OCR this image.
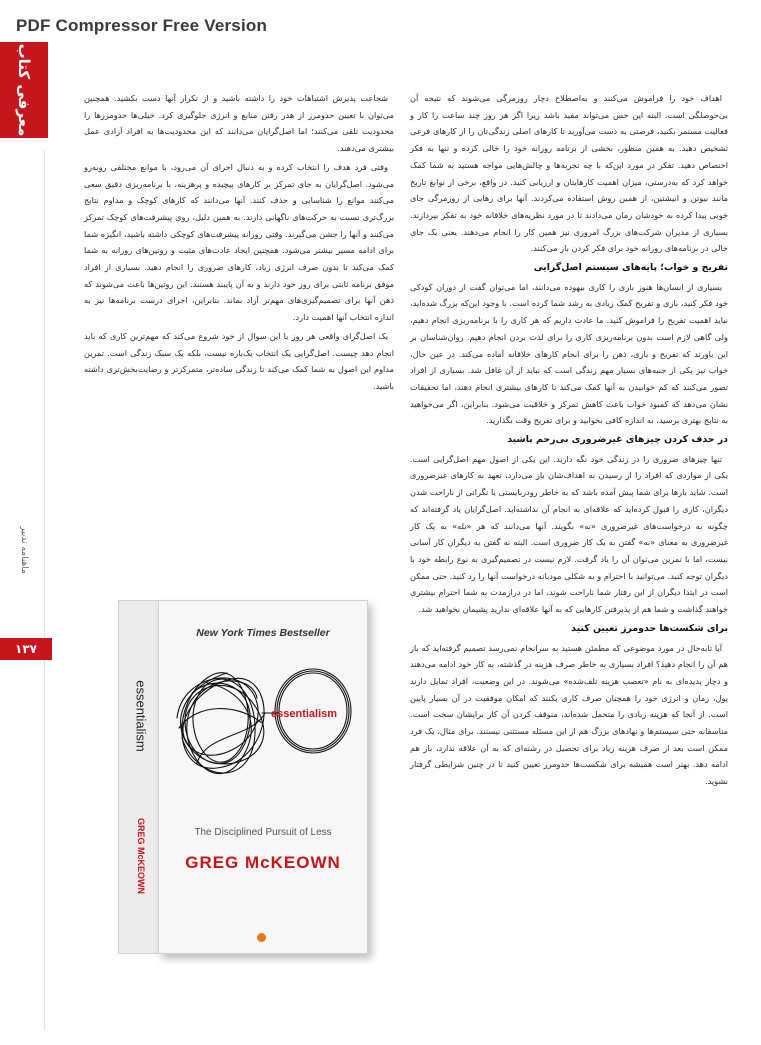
PDF Compressor Free Version
معرفی کتاب
ماهنامه تدبیر
۱۳۷

اهداف خود را فراموش می‌کنند و به‌اصطلاح دچار روزمرگی می‌شوند که نتیجه آن بی‌حوصلگی است. البته این حس می‌تواند مفید باشد زیرا اگر هر روز چند ساعت را کار و فعالیت مستمر بکنید، فرصتی به دست می‌آورید تا کارهای اصلی زندگی‌تان را از کارهای فرعی تشخیص دهید. به همین منظور، بخشی از برنامه روزانه خود را خالی کرده و تنها به فکر اختصاص دهید. تفکر در مورد این‌که با چه تجربه‌ها و چالش‌هایی مواجه هستید به شما کمک خواهد کرد که به‌درستی، میزان اهمیت کارهایتان و ارزیابی کنید. در واقع، برخی از نوابغ تاریخ مانند نیوتن و انیشتین، از همین روش استفاده می‌کردند. آنها برای رهایی از روزمرگی جای خوبی پیدا کرده به خودشان زمان می‌دادند تا در مورد نظریه‌های خلاقانه خود به تفکر بپردازند. بسیاری از مدیران شرکت‌های بزرگ امروزی نیز همین کار را انجام می‌دهند. یعنی یک جای خالی در برنامه‌های روزانه خود برای فکر کردن باز می‌کنند.

تفریح و خواب؛ پایه‌های سیستم اصل‌گرایی

بسیاری از انسان‌ها هنوز بازی را کاری بیهوده می‌دانند، اما می‌توان گفت از دوران کودکی خود فکر کنید، بازی و تفریح کمک زیادی به رشد شما کرده است. با وجود این‌که بزرگ شده‌اید، نباید اهمیت تفریح را فراموش کنید. ما عادت داریم که هر کاری را با برنامه‌ریزی انجام دهیم، ولی گاهی لازم است بدون برنامه‌ریزی کاری را برای لذت بردن انجام دهیم. روان‌شناسان بر این باورند که تفریح و بازی، ذهن را برای انجام کارهای خلاقانه آماده می‌کند. در عین حال، خواب نیز یکی از جنبه‌های بسیار مهم زندگی است که نباید از آن غافل شد. بسیاری از افراد تصور می‌کنند که کم خوابیدن به آنها کمک می‌کند تا کارهای بیشتری انجام دهند، اما تحقیقات نشان می‌دهد که کمبود خواب باعث کاهش تمرکز و خلاقیت می‌شود. بنابراین، اگر می‌خواهید به نتایج بهتری برسید، به اندازه کافی بخوابید و برای تفریح وقت بگذارید.

در حذف کردن چیزهای غیرضروری بی‌رحم باشید

تنها چیزهای ضروری را در زندگی خود نگه دارید. این یکی از اصول مهم اصل‌گرایی است. یکی از مواردی که افراد را از رسیدن به اهداف‌شان باز می‌دارد، تعهد به کارهای غیرضروری است. شاید بارها برای شما پیش آمده باشد که به خاطر رودربایستی یا نگرانی از ناراحت شدن دیگران، کاری را قبول کرده‌اید که علاقه‌ای به انجام آن نداشته‌اید. اصل‌گرایان یاد گرفته‌اند که چگونه به درخواست‌های غیرضروری «نه» بگویند. آنها می‌دانند که هر «بله» به یک کار غیرضروری به معنای «نه» گفتن به یک کار ضروری است. البته نه گفتن به دیگران کار آسانی نیست، اما با تمرین می‌توان آن را یاد گرفت. لازم نیست در تصمیم‌گیری به نوع رابطه خود با دیگران توجه کنید. می‌توانید با احترام و به شکلی مودبانه درخواست آنها را رد کنید. حتی ممکن است در ابتدا دیگران از این رفتار شما ناراحت شوند، اما در درازمدت به شما احترام بیشتری خواهند گذاشت و شما هم از پذیرفتن کارهایی که به آنها علاقه‌ای ندارید پشیمان نخواهید شد.

برای شکست‌ها حدومرز تعیین کنید

آیا تابه‌حال در مورد موضوعی که مطمئن هستید به سرانجام نمی‌رسد تصمیم گرفته‌اید که باز هم آن را انجام دهید؟ افراد بسیاری به خاطر صرف هزینه در گذشته، به کار خود ادامه می‌دهند و دچار پدیده‌ای به نام «تعصب هزینه تلف‌شده» می‌شوند. در این وضعیت، افراد تمایل دارند پول، زمان و انرژی خود را همچنان صرف کاری بکنند که امکان موفقیت در آن بسیار پایین است. از آنجا که هزینه زیادی را متحمل شده‌اند، متوقف کردن آن کار برایشان سخت است. متاسفانه حتی سیستم‌ها و نهادهای بزرگ هم از این مسئله مستثنی نیستند. برای مثال، یک فرد ممکن است بعد از صرف هزینه زیاد برای تحصیل در رشته‌ای که به آن علاقه ندارد، باز هم ادامه دهد. بهتر است همیشه برای شکست‌ها حدومرز تعیین کنید تا در چنین شرایطی گرفتار نشوید.

شجاعت پذیرش اشتباهات خود را داشته باشید و از تکرار آنها دست بکشید. همچنین می‌توان با تعیین حدومرز از هدر رفتن منابع و انرژی جلوگیری کرد. خیلی‌ها حدومرزها را محدودیت تلقی می‌کنند؛ اما اصل‌گرایان می‌دانند که این محدودیت‌ها به افراد آزادی عمل بیشتری می‌دهند.

وقتی فرد هدف را انتخاب کرده و به دنبال اجرای آن می‌رود، با موانع مختلفی روبه‌رو می‌شود. اصل‌گرایان به جای تمرکز بر کارهای پیچیده و پرهزینه، با برنامه‌ریزی دقیق سعی می‌کنند موانع را شناسایی و حذف کنند. آنها می‌دانند که کارهای کوچک و مداوم نتایج بزرگ‌تری نسبت به حرکت‌های ناگهانی دارند. به همین دلیل، روی پیشرفت‌های کوچک تمرکز می‌کنند و آنها را جشن می‌گیرند. وقتی روزانه پیشرفت‌های کوچکی داشته باشید، انگیزه شما برای ادامه مسیر بیشتر می‌شود. همچنین ایجاد عادت‌های مثبت و روتین‌های روزانه به شما کمک می‌کند تا بدون صرف انرژی زیاد، کارهای ضروری را انجام دهید. بسیاری از افراد موفق برنامه ثابتی برای روز خود دارند و به آن پایبند هستند. این روتین‌ها باعث می‌شوند که ذهن آنها برای تصمیم‌گیری‌های مهم‌تر آزاد بماند. بنابراین، اجرای درست برنامه‌ها نیز به اندازه انتخاب آنها اهمیت دارد.

یک اصل‌گرای واقعی هر روز با این سوال از خود شروع می‌کند که مهم‌ترین کاری که باید انجام دهد چیست. اصل‌گرایی یک انتخاب یک‌باره نیست، بلکه یک سبک زندگی است. تمرین مداوم این اصول به شما کمک می‌کند تا زندگی ساده‌تر، متمرکزتر و رضایت‌بخش‌تری داشته باشید.

essentialism
GREG McKEOWN
New York Times Bestseller
essentialism
The Disciplined Pursuit of Less
GREG McKEOWN
